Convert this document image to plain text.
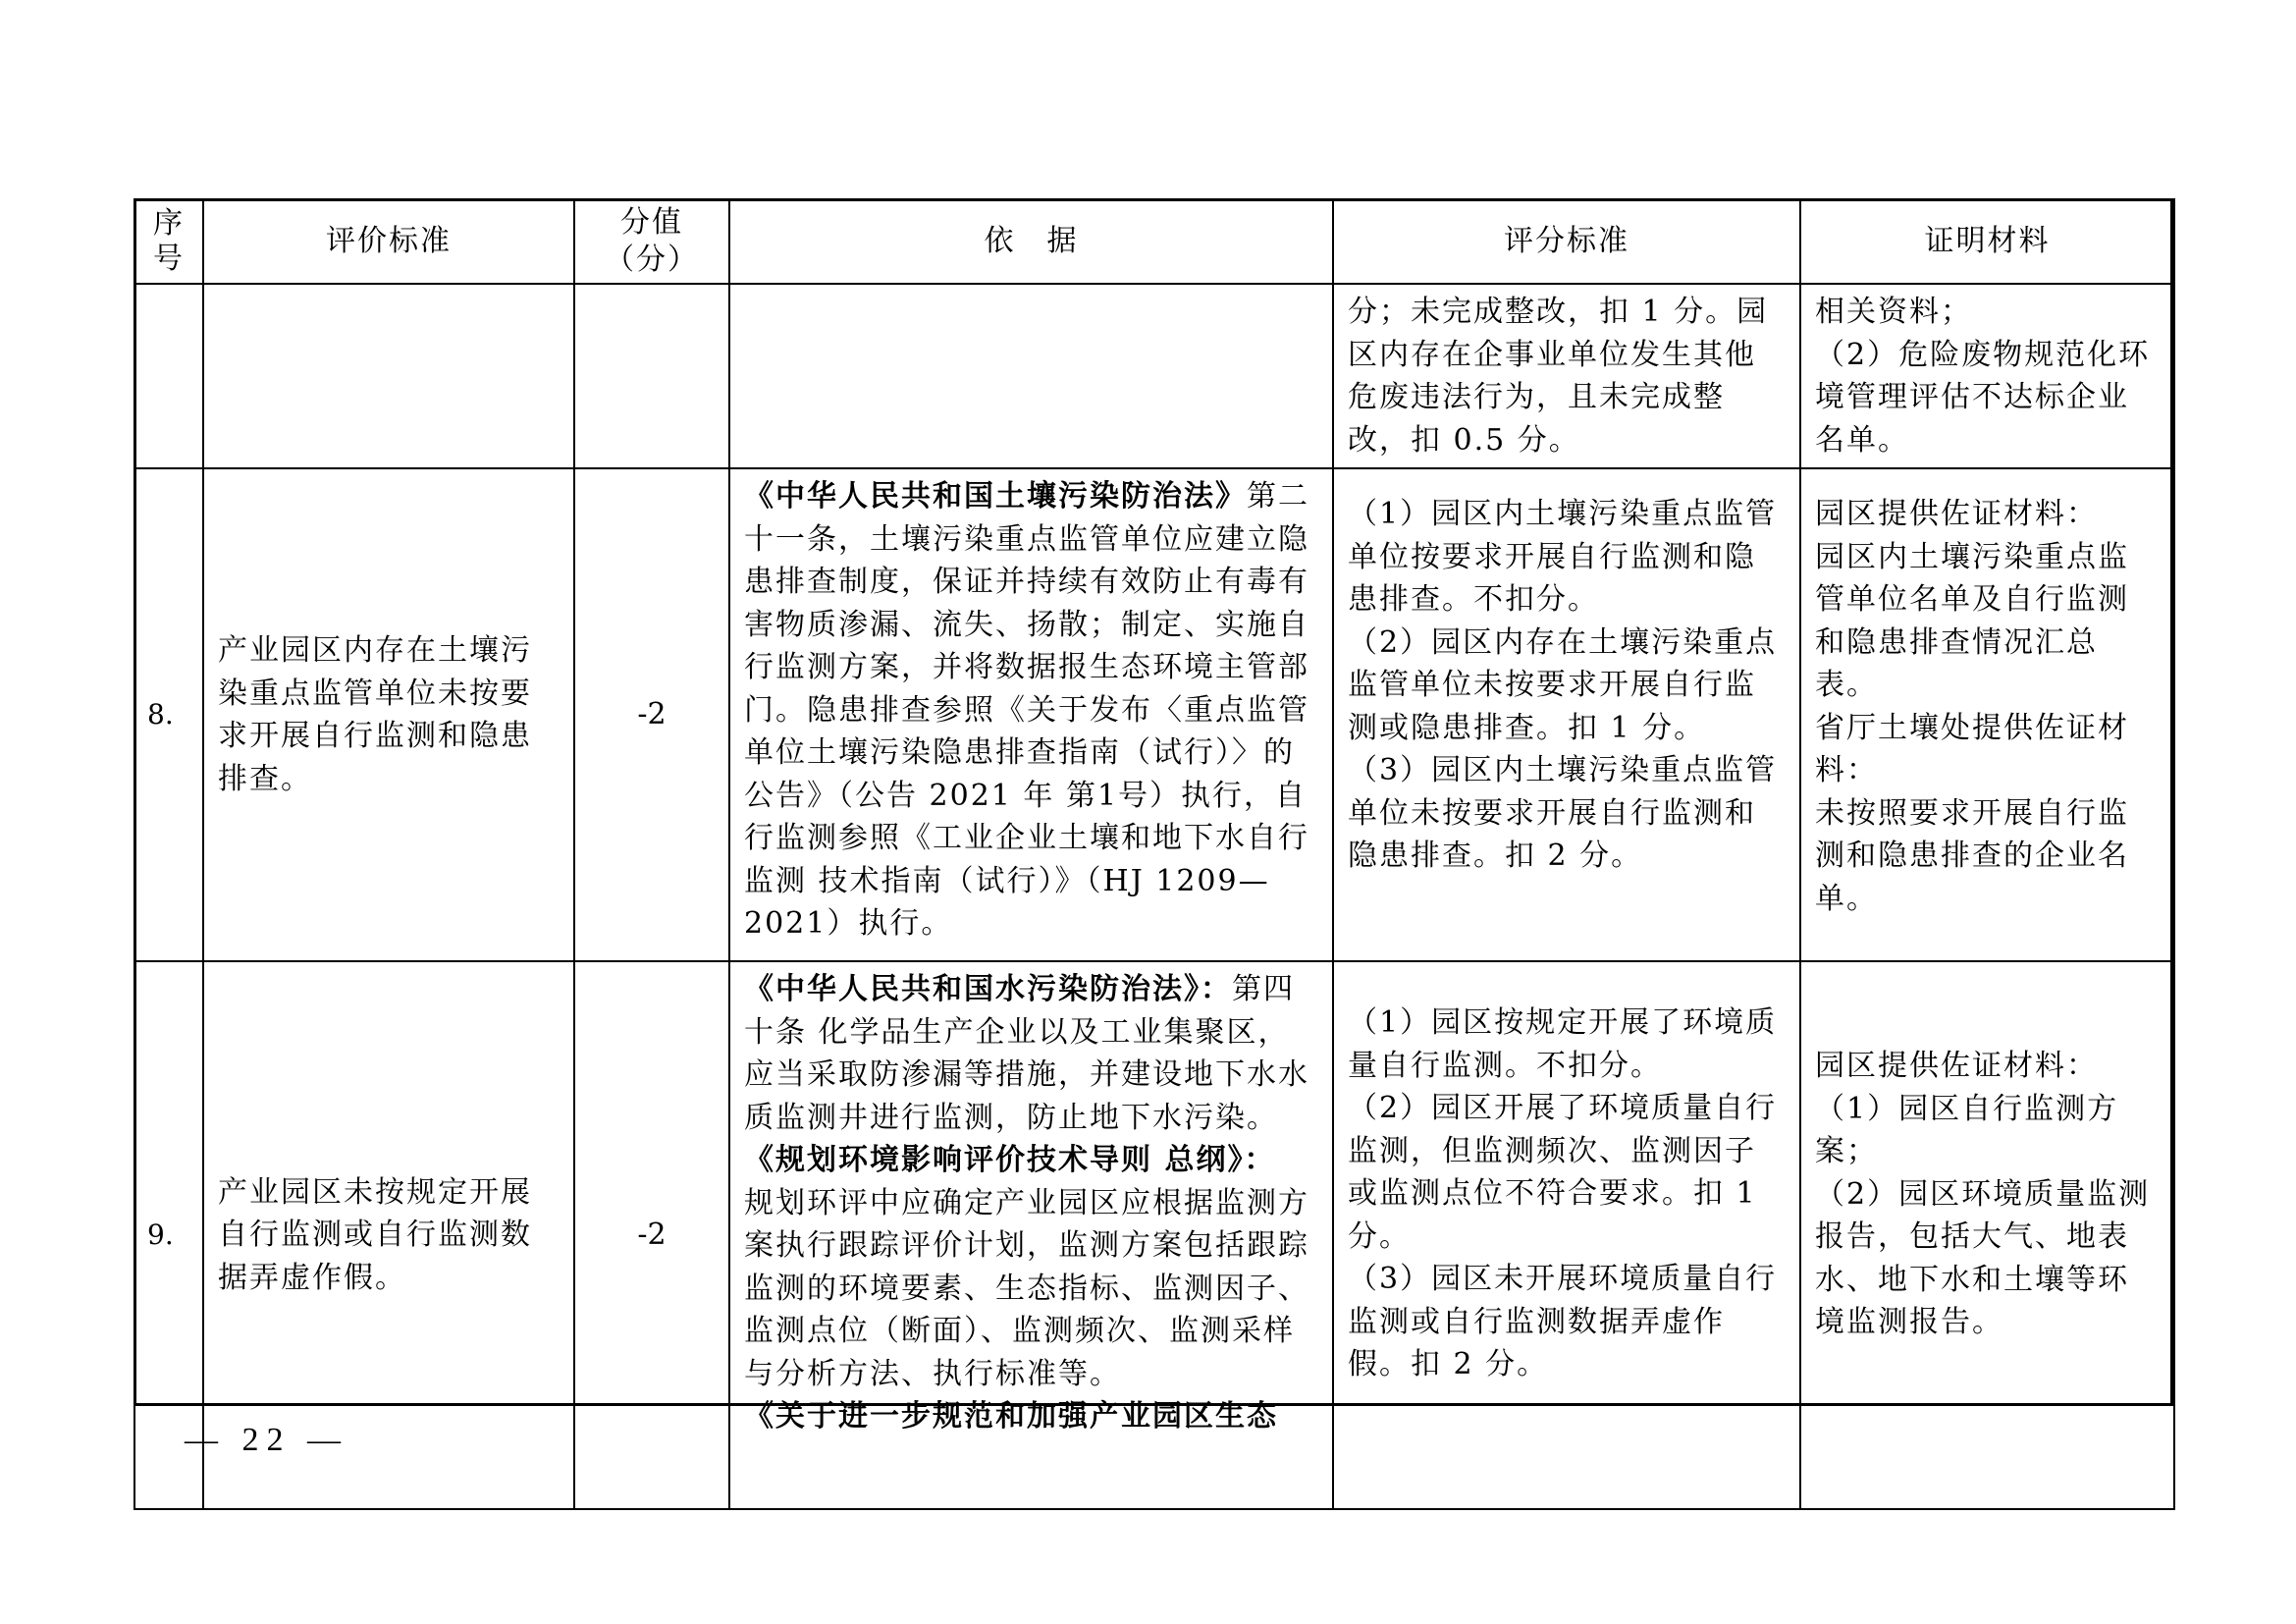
序
号	评价标准	分值
（分）	依　据	评分标准	证明材料
				分；未完成整改，扣 1 分。园区内存在企事业单位发生其他危废违法行为，且未完成整改，扣 0.5 分。	相关资料；
（2）危险废物规范化环境管理评估不达标企业名单。

8.	产业园区内存在土壤污染重点监管单位未按要求开展自行监测和隐患排查。	-2	《中华人民共和国土壤污染防治法》第二十一条，土壤污染重点监管单位应建立隐患排查制度，保证并持续有效防止有毒有害物质渗漏、流失、扬散；制定、实施自行监测方案，并将数据报生态环境主管部门。隐患排查参照《关于发布〈重点监管单位土壤污染隐患排查指南（试行）〉的公告》（公告 2021 年 第1号）执行，自行监测参照《工业企业土壤和地下水自行监测 技术指南（试行）》（HJ 1209—2021）执行。	（1）园区内土壤污染重点监管单位按要求开展自行监测和隐患排查。不扣分。
（2）园区内存在土壤污染重点监管单位未按要求开展自行监测或隐患排查。扣 1 分。
（3）园区内土壤污染重点监管单位未按要求开展自行监测和隐患排查。扣 2 分。	园区提供佐证材料：
园区内土壤污染重点监管单位名单及自行监测和隐患排查情况汇总表。
省厅土壤处提供佐证材料：
未按照要求开展自行监测和隐患排查的企业名单。

9.	产业园区未按规定开展自行监测或自行监测数据弄虚作假。	-2	《中华人民共和国水污染防治法》：第四十条 化学品生产企业以及工业集聚区，应当采取防渗漏等措施，并建设地下水水质监测井进行监测，防止地下水污染。
《规划环境影响评价技术导则 总纲》：
规划环评中应确定产业园区应根据监测方案执行跟踪评价计划，监测方案包括跟踪监测的环境要素、生态指标、监测因子、监测点位（断面）、监测频次、监测采样与分析方法、执行标准等。
《关于进一步规范和加强产业园区生态	（1）园区按规定开展了环境质量自行监测。不扣分。
（2）园区开展了环境质量自行监测，但监测频次、监测因子或监测点位不符合要求。扣 1 分。
（3）园区未开展环境质量自行监测或自行监测数据弄虚作假。扣 2 分。	园区提供佐证材料：
（1）园区自行监测方案；
（2）园区环境质量监测报告，包括大气、地表水、地下水和土壤等环境监测报告。
— 22 —
